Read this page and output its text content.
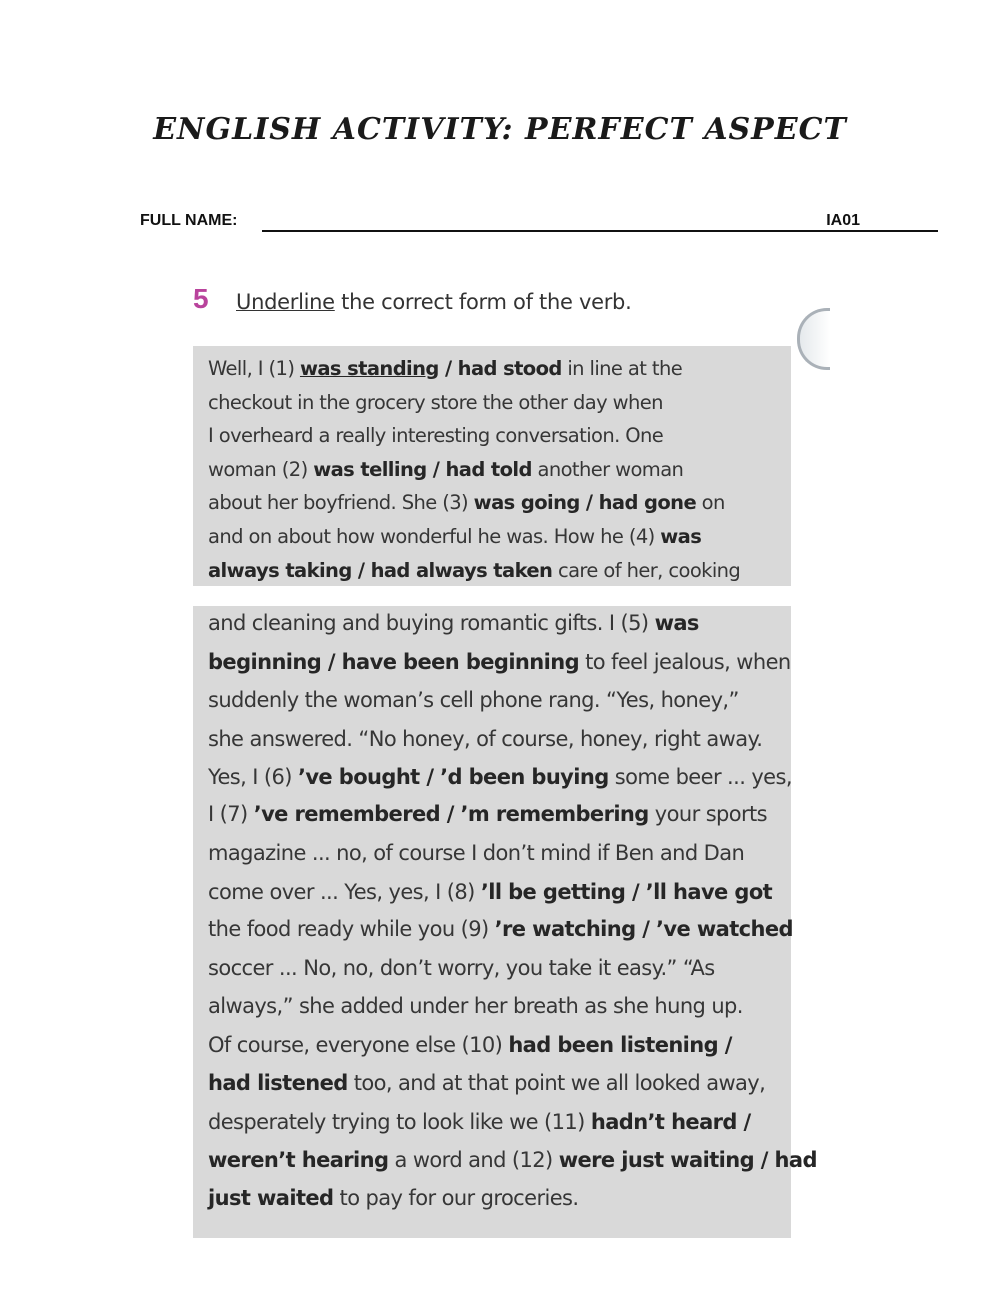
ENGLISH ACTIVITY: PERFECT ASPECT
FULL NAME:	IA01
5 Underline the correct form of the verb.
Well, I (1) was standing / had stood in line at the
checkout in the grocery store the other day when
I overheard a really interesting conversation. One
woman (2) was telling / had told another woman
about her boyfriend. She (3) was going / had gone on
and on about how wonderful he was. How he (4) was
always taking / had always taken care of her, cooking
and cleaning and buying romantic gifts. I (5) was
beginning / have been beginning to feel jealous, when
suddenly the woman’s cell phone rang. “Yes, honey,”
she answered. “No honey, of course, honey, right away.
Yes, I (6) ’ve bought / ’d been buying some beer ... yes,
I (7) ’ve remembered / ’m remembering your sports
magazine ... no, of course I don’t mind if Ben and Dan
come over ... Yes, yes, I (8) ’ll be getting / ’ll have got
the food ready while you (9) ’re watching / ’ve watched
soccer ... No, no, don’t worry, you take it easy.” “As
always,” she added under her breath as she hung up.
Of course, everyone else (10) had been listening /
had listened too, and at that point we all looked away,
desperately trying to look like we (11) hadn’t heard /
weren’t hearing a word and (12) were just waiting / had
just waited to pay for our groceries.
